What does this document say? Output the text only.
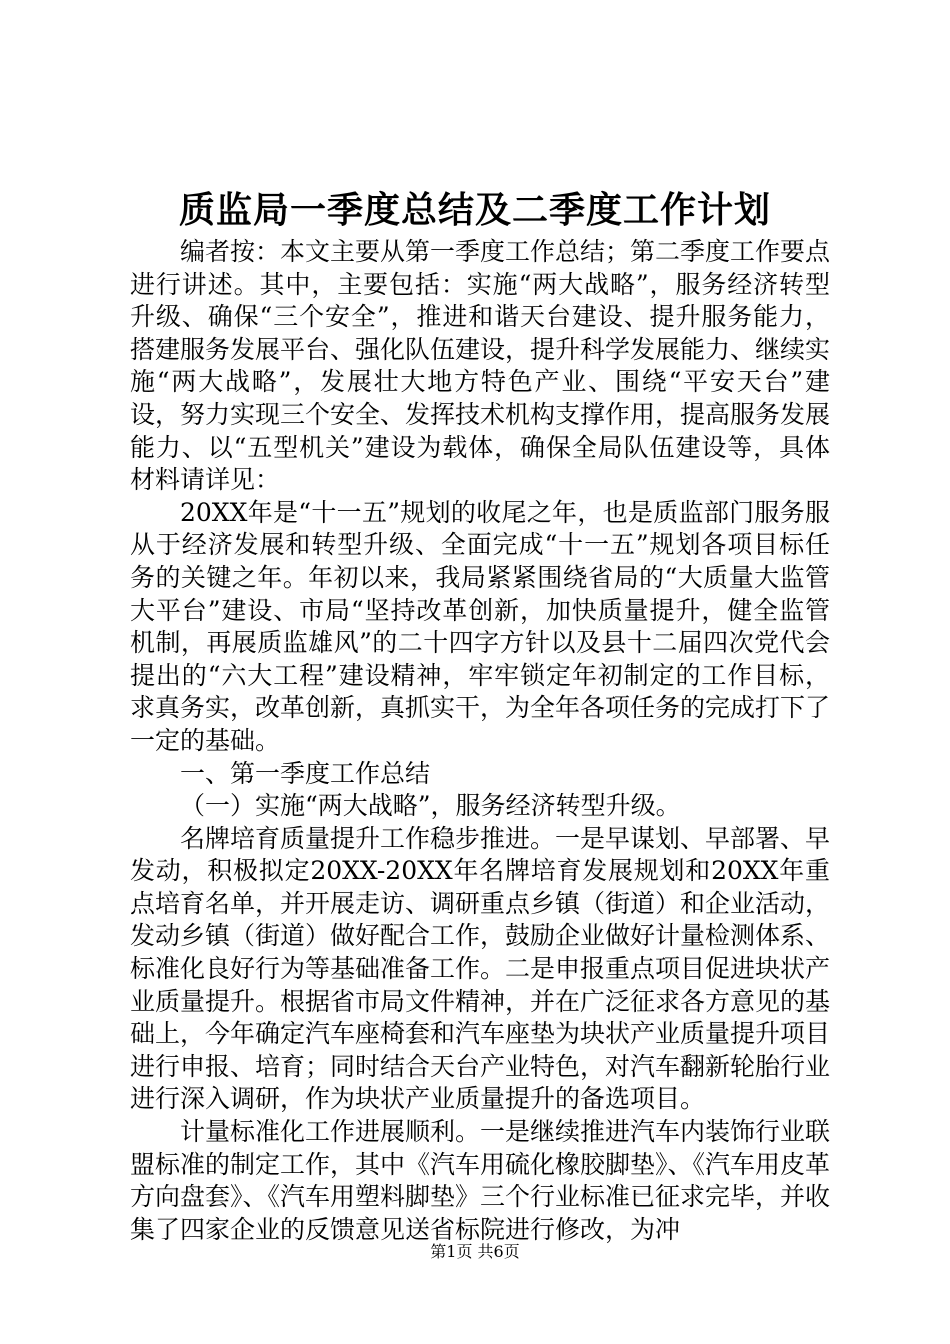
质监局一季度总结及二季度工作计划

编者按：本文主要从第一季度工作总结；第二季度工作要点进行讲述。其中，主要包括：实施“两大战略”，服务经济转型升级、确保“三个安全”，推进和谐天台建设、提升服务能力，搭建服务发展平台、强化队伍建设，提升科学发展能力、继续实施“两大战略”，发展壮大地方特色产业、围绕“平安天台”建设，努力实现三个安全、发挥技术机构支撑作用，提高服务发展能力、以“五型机关”建设为载体，确保全局队伍建设等，具体材料请详见：

20XX年是“十一五”规划的收尾之年，也是质监部门服务服从于经济发展和转型升级、全面完成“十一五”规划各项目标任务的关键之年。年初以来，我局紧紧围绕省局的“大质量大监管大平台”建设、市局“坚持改革创新，加快质量提升，健全监管机制，再展质监雄风”的二十四字方针以及县十二届四次党代会提出的“六大工程”建设精神，牢牢锁定年初制定的工作目标，求真务实，改革创新，真抓实干，为全年各项任务的完成打下了一定的基础。

一、第一季度工作总结

（一）实施“两大战略”，服务经济转型升级。

名牌培育质量提升工作稳步推进。一是早谋划、早部署、早发动，积极拟定20XX-20XX年名牌培育发展规划和20XX年重点培育名单，并开展走访、调研重点乡镇（街道）和企业活动，发动乡镇（街道）做好配合工作，鼓励企业做好计量检测体系、标准化良好行为等基础准备工作。二是申报重点项目促进块状产业质量提升。根据省市局文件精神，并在广泛征求各方意见的基础上，今年确定汽车座椅套和汽车座垫为块状产业质量提升项目进行申报、培育；同时结合天台产业特色，对汽车翻新轮胎行业进行深入调研，作为块状产业质量提升的备选项目。

计量标准化工作进展顺利。一是继续推进汽车内装饰行业联盟标准的制定工作，其中《汽车用硫化橡胶脚垫》、《汽车用皮革方向盘套》、《汽车用塑料脚垫》三个行业标准已征求完毕，并收集了四家企业的反馈意见送省标院进行修改，为冲

第1页 共6页
